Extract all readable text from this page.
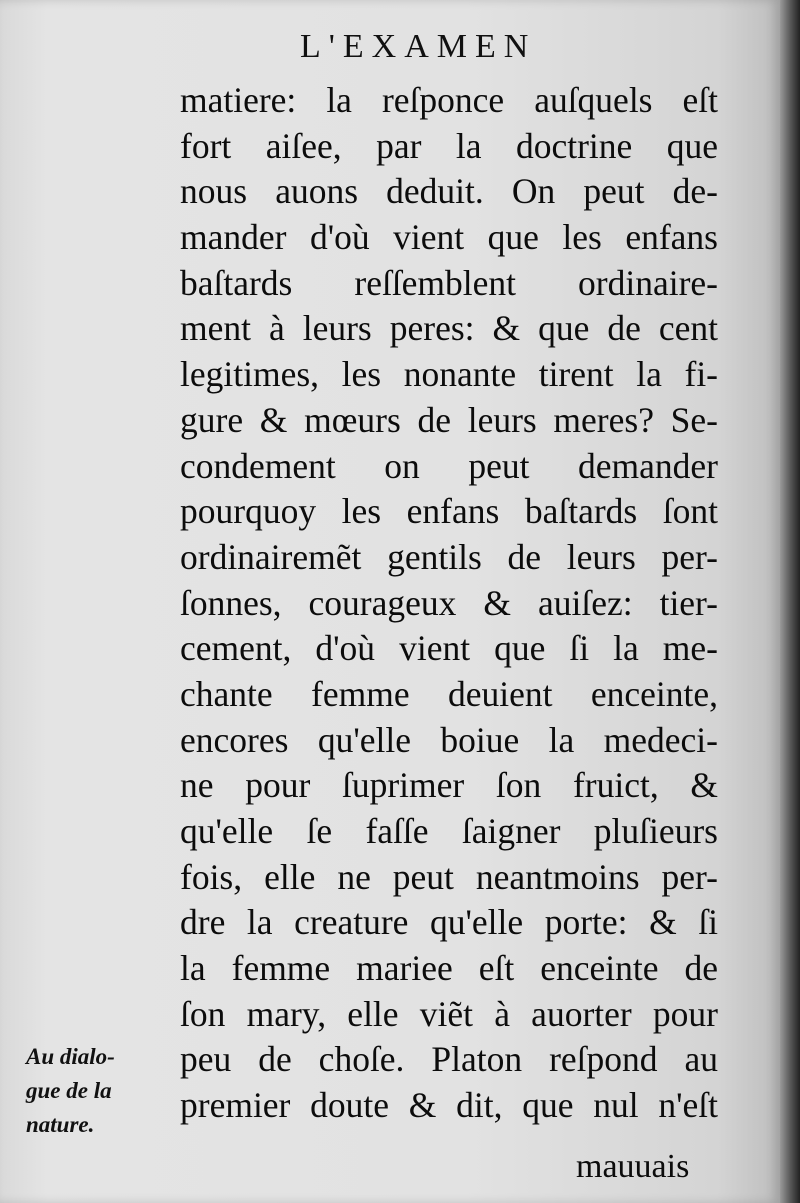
L'EXAMEN
matiere: la reſponce auſquels eſt
fort aiſee, par la doctrine que
nous auons deduit. On peut de-
mander d'où vient que les enfans
baſtards reſſemblent ordinaire-
ment à leurs peres: & que de cent
legitimes, les nonante tirent la fi-
gure & mœurs de leurs meres? Se-
condement on peut demander
pourquoy les enfans baſtards ſont
ordinairemẽt gentils de leurs per-
ſonnes, courageux & auiſez: tier-
cement, d'où vient que ſi la me-
chante femme deuient enceinte,
encores qu'elle boiue la medeci-
ne pour ſuprimer ſon fruict, &
qu'elle ſe faſſe ſaigner pluſieurs
fois, elle ne peut neantmoins per-
dre la creature qu'elle porte: & ſi
la femme mariee eſt enceinte de
ſon mary, elle viẽt à auorter pour
peu de choſe. Platon reſpond au
premier doute & dit, que nul n'eſt
mauuais
Au dialo-
gue de la
nature.
